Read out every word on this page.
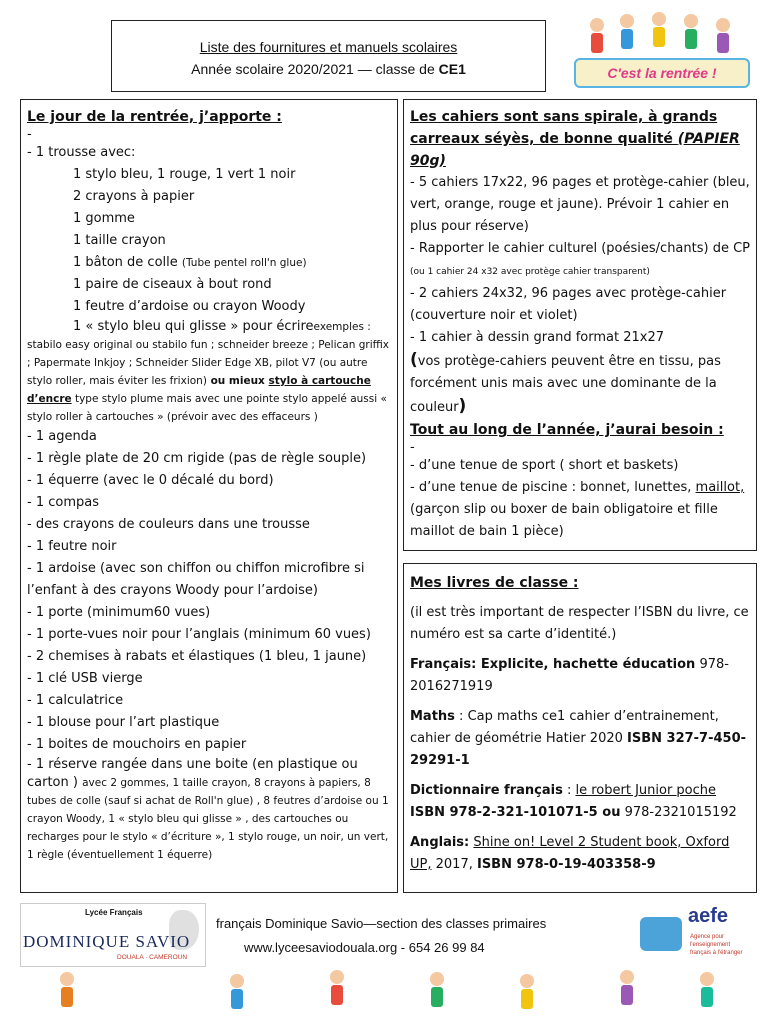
Liste des fournitures et manuels scolaires
Année scolaire 2020/2021 — classe de CE1	C'est la rentrée !
Le jour de la rentrée, j’apporte :
-
- 1 trousse avec:
1 stylo bleu, 1 rouge, 1 vert 1 noir
2 crayons à papier
1 gomme
1 taille crayon
1 bâton de colle (Tube pentel roll'n glue)
1 paire de ciseaux à bout rond
1 feutre d’ardoise ou crayon Woody
1 « stylo bleu qui glisse » pour écrireexemples : stabilo easy original ou stabilo fun ; schneider breeze ; Pelican griffix ; Papermate Inkjoy ; Schneider Slider Edge XB, pilot V7 (ou autre stylo roller, mais éviter les frixion) ou mieux stylo à cartouche d’encre type stylo plume mais avec une pointe stylo appelé aussi « stylo roller à cartouches » (prévoir avec des effaceurs )
- 1 agenda
- 1 règle plate de 20 cm rigide (pas de règle souple)
- 1 équerre (avec le 0 décalé du bord)
- 1 compas
- des crayons de couleurs dans une trousse
- 1 feutre noir
- 1 ardoise (avec son chiffon ou chiffon microfibre si l’enfant à des crayons Woody pour l’ardoise)
- 1 porte (minimum60 vues)
- 1 porte-vues noir pour l’anglais (minimum 60 vues)
- 2 chemises à rabats et élastiques (1 bleu, 1 jaune)
- 1 clé USB vierge
- 1 calculatrice
- 1 blouse pour l’art plastique
- 1 boites de mouchoirs en papier
- 1 réserve rangée dans une boite (en plastique ou carton ) avec 2 gommes, 1 taille crayon, 8 crayons à papiers, 8 tubes de colle (sauf si achat de Roll'n glue) , 8 feutres d’ardoise ou 1 crayon Woody, 1 « stylo bleu qui glisse » , des cartouches ou recharges pour le stylo « d’écriture », 1 stylo rouge, un noir, un vert, 1 règle (éventuellement 1 équerre)
Les cahiers sont sans spirale, à grands carreaux séyès, de bonne qualité (PAPIER 90g)
- 5 cahiers 17x22, 96 pages et protège-cahier (bleu, vert, orange, rouge et jaune). Prévoir 1 cahier en plus pour réserve)
- Rapporter le cahier culturel (poésies/chants) de CP (ou 1 cahier 24 x32 avec protège cahier transparent)
- 2 cahiers 24x32, 96 pages avec protège-cahier (couverture noir et violet)
- 1 cahier à dessin grand format 21x27
(vos protège-cahiers peuvent être en tissu, pas forcément unis mais avec une dominante de la couleur)
Tout au long de l’année, j’aurai besoin :
-
- d’une tenue de sport ( short et baskets)
- d’une tenue de piscine : bonnet, lunettes, maillot, (garçon slip ou boxer de bain obligatoire et fille maillot de bain 1 pièce)
Mes livres de classe :
(il est très important de respecter l’ISBN du livre, ce numéro est sa carte d’identité.)
Français: Explicite, hachette éducation 978-2016271919
Maths : Cap maths ce1 cahier d’entrainement, cahier de géométrie Hatier 2020 ISBN 327-7-450-29291-1
Dictionnaire français : le robert Junior poche ISBN 978-2-321-101071-5 ou 978-2321015192
Anglais: Shine on! Level 2 Student book, Oxford UP, 2017, ISBN 978-0-19-403358-9
Lycée Français
DOMINIQUE SAVIO
DOUALA · CAMEROUN
français Dominique Savio—section des classes primaires
www.lyceesaviodouala.org - 654 26 99 84
aefe
Agence pour l'enseignement français à l'étranger
